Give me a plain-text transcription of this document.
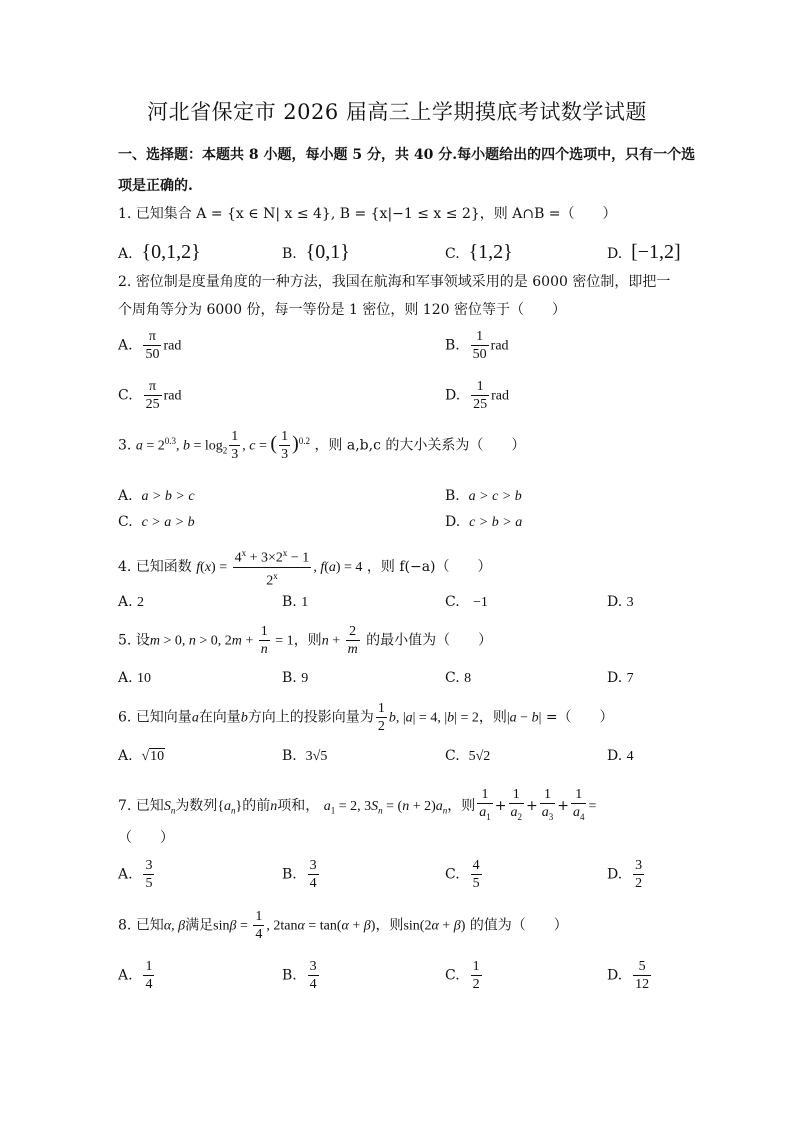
河北省保定市 2026 届高三上学期摸底考试数学试题
一、选择题：本题共 8 小题，每小题 5 分，共 40 分.每小题给出的四个选项中，只有一个选
项是正确的.
1. 已知集合 A = {x ∈ N| x ≤ 4}, B = {x|−1 ≤ x ≤ 2}，则 A∩B =（　　）
A. {0,1,2}	B. {0,1}	C. {1,2}	D. [−1,2]
2. 密位制是度量角度的一种方法，我国在航海和军事领域采用的是 6000 密位制，即把一
个周角等分为 6000 份，每一等份是 1 密位，则 120 密位等于（　　）
A. $\frac{\pi}{50}$ rad	B. $\frac{1}{50}$ rad
C. $\frac{\pi}{25}$ rad	D. $\frac{1}{25}$ rad
3. $a = 2^{0.3}$, $b = \log_2 \frac{1}{3}$ , c = ( $\frac{1}{3} )^{0.2}$ ，则 a,b,c 的大小关系为（　　）
A. a > b > c	B. a > c > b
C. c > a > b	D. c > b > a
4. 已知函数 $f(x) = \frac{4^x + 3\times 2^x - 1}{2^x}$ , f(a) = 4 ，则 f(−a)（　　）
A. 2	B. 1	C. −1	D. 3
5. 设m > 0, n > 0, $2m + \frac{1}{n} = 1$，则$n + \frac{2}{m}$ 的最小值为（　　）
A. 10	B. 9	C. 8	D. 7
6. 已知向量a在向量b方向上的投影向量为 $\frac{1}{2} b$, |a| = 4, |b| = 2，则|a − b| =（　　）
A. √10	B. 3√5	C. 5√2	D. 4
7. 已知$S_n$为数列$\{a_n\}$的前n项和， $a_1 = 2$, $3S_n = (n + 2)a_n$，则 $\frac{1}{a_1} + \frac{1}{a_2} + \frac{1}{a_3} + \frac{1}{a_4}$ =
（　　）
A. $\frac{3}{5}$	B. $\frac{3}{4}$	C. $\frac{4}{5}$	D. $\frac{3}{2}$
8. 已知α, β满足$\sin\beta = \frac{1}{4}$ , 2tanα = tan(α + β)，则sin(2α + β) 的值为（　　）
A. $\frac{1}{4}$	B. $\frac{3}{4}$	C. $\frac{1}{2}$	D. $\frac{5}{12}$
